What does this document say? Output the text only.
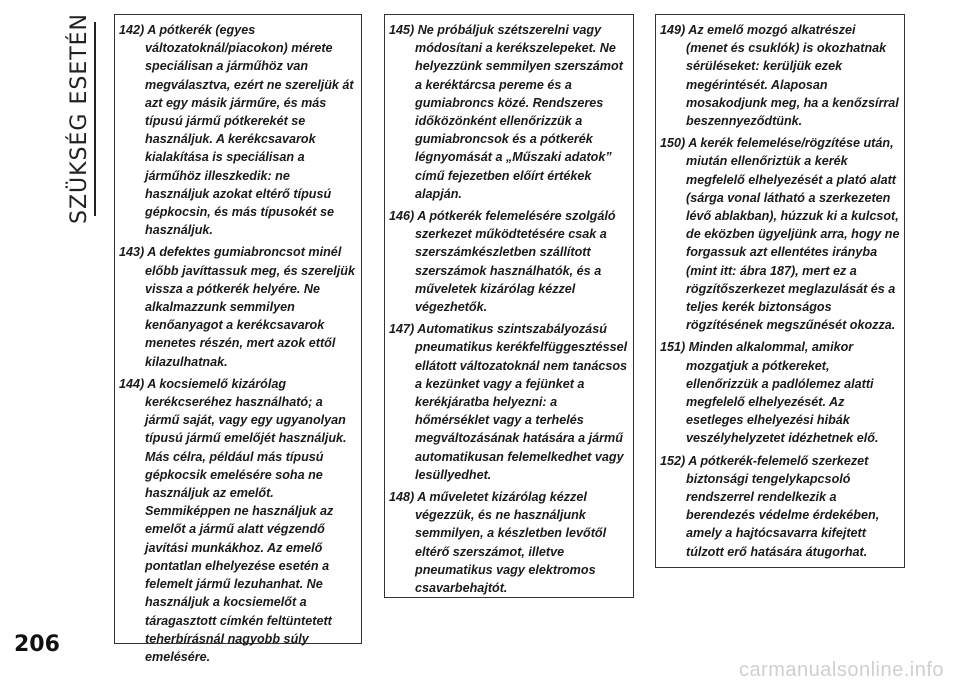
SZÜKSÉG ESETÉN 142) A pótkerék (egyes változatoknál/piacokon) mérete speciálisan a járműhöz van megválasztva, ezért ne szereljük át azt egy másik járműre, és más típusú jármű pótkerekét se használjuk. A kerékcsavarok kialakítása is speciálisan a járműhöz illeszkedik: ne használjuk azokat eltérő típusú gépkocsin, és más típusokét se használjuk.

143) A defektes gumiabroncsot minél előbb javíttassuk meg, és szereljük vissza a pótkerék helyére. Ne alkalmazzunk semmilyen kenőanyagot a kerékcsavarok menetes részén, mert azok ettől kilazulhatnak.

144) A kocsiemelő kizárólag kerékcseréhez használható; a jármű saját, vagy egy ugyanolyan típusú jármű emelőjét használjuk. Más célra, például más típusú gépkocsik emelésére soha ne használjuk az emelőt. Semmiképpen ne használjuk az emelőt a jármű alatt végzendő javítási munkákhoz. Az emelő pontatlan elhelyezése esetén a felemelt jármű lezuhanhat. Ne használjuk a kocsiemelőt a táragasztott címkén feltüntetett teherbírásnál nagyobb súly emelésére.

145) Ne próbáljuk szétszerelni vagy módosítani a kerékszelepeket. Ne helyezzünk semmilyen szerszámot a keréktárcsa pereme és a gumiabroncs közé. Rendszeres időközönként ellenőrizzük a gumiabroncsok és a pótkerék légnyomását a „Műszaki adatok” című fejezetben előírt értékek alapján.

146) A pótkerék felemelésére szolgáló szerkezet működtetésére csak a szerszámkészletben szállított szerszámok használhatók, és a műveletek kizárólag kézzel végezhetők.

147) Automatikus szintszabályozású pneumatikus kerékfelfüggesztéssel ellátott változatoknál nem tanácsos a kezünket vagy a fejünket a kerékjáratba helyezni: a hőmérséklet vagy a terhelés megváltozásának hatására a jármű automatikusan felemelkedhet vagy lesüllyedhet.

148) A műveletet kizárólag kézzel végezzük, és ne használjunk semmilyen, a készletben levőtől eltérő szerszámot, illetve pneumatikus vagy elektromos csavarbehajtót.

149) Az emelő mozgó alkatrészei (menet és csuklók) is okozhatnak sérüléseket: kerüljük ezek megérintését. Alaposan mosakodjunk meg, ha a kenőzsírral beszennyeződtünk.

150) A kerék felemelése/rögzítése után, miután ellenőriztük a kerék megfelelő elhelyezését a plató alatt (sárga vonal látható a szerkezeten lévő ablakban), húzzuk ki a kulcsot, de eközben ügyeljünk arra, hogy ne forgassuk azt ellentétes irányba (mint itt: ábra 187), mert ez a rögzítőszerkezet meglazulását és a teljes kerék biztonságos rögzítésének megszűnését okozza.

151) Minden alkalommal, amikor mozgatjuk a pótkereket, ellenőrizzük a padlólemez alatti megfelelő elhelyezését. Az esetleges elhelyezési hibák veszélyhelyzetet idézhetnek elő.

152) A pótkerék-felemelő szerkezet biztonsági tengelykapcsoló rendszerrel rendelkezik a berendezés védelme érdekében, amely a hajtócsavarra kifejtett túlzott erő hatására átugorhat.

206
carmanualsonline.info
